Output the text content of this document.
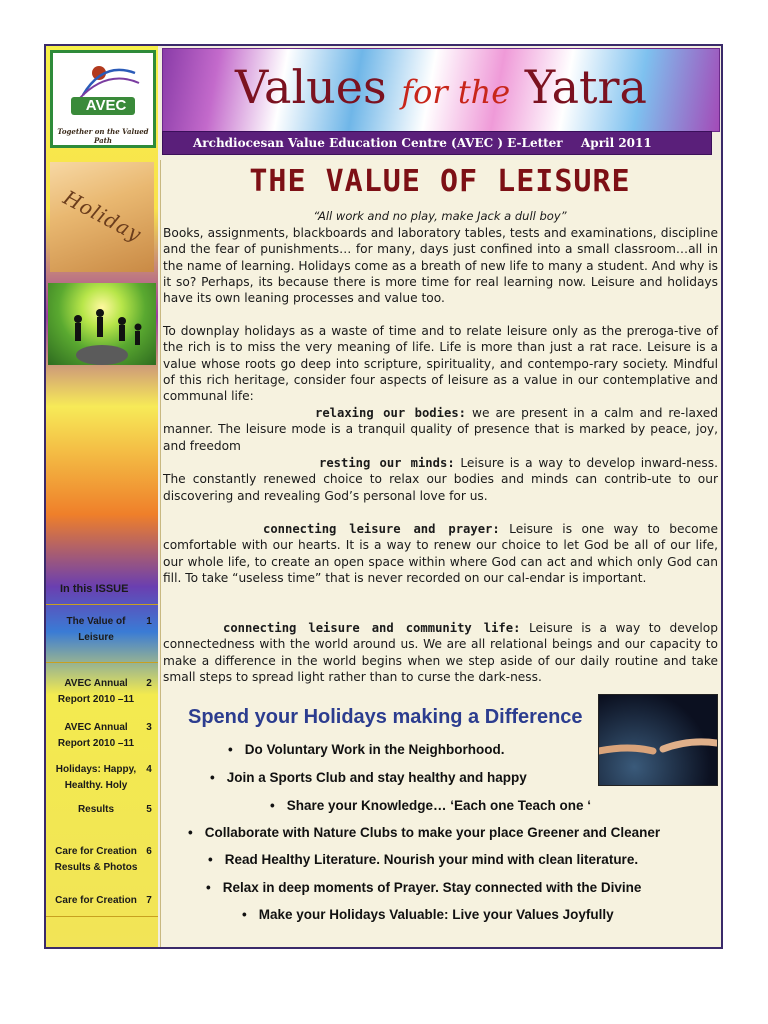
AVEC
Together on the Valued Path
Values for the Yatra
Archdiocesan Value Education Centre (AVEC ) E-Letter April 2011
Holiday
In this ISSUE
The Value of Leisure
1
AVEC Annual Report 2010 –11
2
AVEC Annual Report 2010 –11
3
Holidays: Happy, Healthy. Holy
4
Results	5
Care for Creation Results & Photos
6
Care for Creation 7
THE VALUE OF LEISURE
“All work and no play, make Jack a dull boy”

Books, assignments, blackboards and laboratory tables, tests and examinations, discipline and the fear of punishments… for many, days just confined into a small classroom…all in the name of learning. Holidays come as a breath of new life to many a student. And why is it so? Perhaps, its because there is more time for real learning now. Leisure and holidays have its own leaning processes and value too.

To downplay holidays as a waste of time and to relate leisure only as the preroga-tive of the rich is to miss the very meaning of life. Life is more than just a rat race. Leisure is a value whose roots go deep into scripture, spirituality, and contempo-rary society. Mindful of this rich heritage, consider four aspects of leisure as a value in our contemplative and communal life:

relaxing our bodies: we are present in a calm and re-laxed manner. The leisure mode is a tranquil quality of presence that is marked by peace, joy, and freedom

resting our minds: Leisure is a way to develop inward-ness. The constantly renewed choice to relax our bodies and minds can contrib-ute to our discovering and revealing God’s personal love for us.

connecting leisure and prayer: Leisure is one way to become comfortable with our hearts. It is a way to renew our choice to let God be all of our life, our whole life, to create an open space within where God can act and which only God can fill. To take “useless time” that is never recorded on our cal-endar is important.

connecting leisure and community life: Leisure is a way to develop connectedness with the world around us. We are all relational beings and our capacity to make a difference in the world begins when we step aside of our daily routine and take small steps to spread light rather than to curse the dark-ness.

Spend your Holidays making a Difference
• Do Voluntary Work in the Neighborhood.
• Join a Sports Club and stay healthy and happy
• Share your Knowledge… ‘Each one Teach one ‘
• Collaborate with Nature Clubs to make your place Greener and Cleaner
• Read Healthy Literature. Nourish your mind with clean literature.
• Relax in deep moments of Prayer. Stay connected with the Divine
• Make your Holidays Valuable: Live your Values Joyfully
